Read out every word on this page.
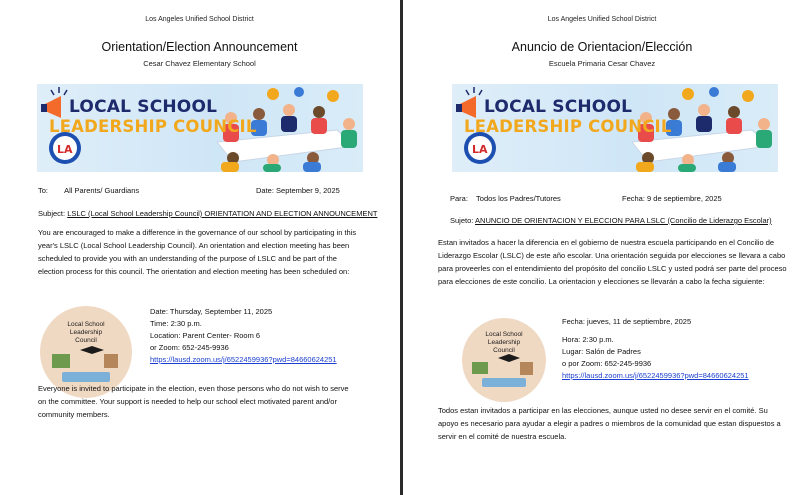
Los Angeles Unified School District
Orientation/Election Announcement
Cesar Chavez Elementary School
LA
LOCAL SCHOOL
LEADERSHIP COUNCIL
To: All Parents/ Guardians	Date: September 9, 2025
Subject: LSLC (Local School Leadership Council) ORIENTATION AND ELECTION ANNOUNCEMENT
You are encouraged to make a difference in the governance of our school by participating in this year's LSLC (Local School Leadership Council). An orientation and election meeting has been scheduled to provide you with an understanding of the purpose of LSLC and be part of the election process for this council. The orientation and election meeting has been scheduled on:
Local School
Leadership
Council
Date: Thursday, September 11, 2025
Time: 2:30 p.m.
Location: Parent Center- Room 6
or Zoom: 652-245-9936
https://lausd.zoom.us/j/6522459936?pwd=84660624251
Everyone is invited to participate in the election, even those persons who do not wish to serve on the committee. Your support is needed to help our school elect motivated parent and/or community members.
Los Angeles Unified School District
Anuncio de Orientacion/Elección
Escuela Primaria Cesar Chavez
LA
LOCAL SCHOOL
LEADERSHIP COUNCIL
Para: Todos los Padres/Tutores	Fecha: 9 de septiembre, 2025
Sujeto: ANUNCIO DE ORIENTACION Y ELECCION PARA LSLC (Concilio de Liderazgo Escolar)
Estan invitados a hacer la diferencia en el gobierno de nuestra escuela participando en el Concilio de Liderazgo Escolar (LSLC) de este año escolar. Una orientación seguida por elecciones se llevara a cabo para proveerles con el entendimiento del propósito del concilio LSLC y usted podrá ser parte del proceso para elecciones de este concilio. La orientacion y elecciones se llevarán a cabo la fecha siguiente:
Local School
Leadership
Council
Fecha: jueves, 11 de septiembre, 2025
Hora: 2:30 p.m.
Lugar: Salón de Padres
o por Zoom: 652-245-9936
https://lausd.zoom.us/j/6522459936?pwd=84660624251
Todos estan invitados a participar en las elecciones, aunque usted no desee servir en el comité. Su apoyo es necesario para ayudar a elegir a padres o miembros de la comunidad que estan dispuestos a servir en el comité de nuestra escuela.
